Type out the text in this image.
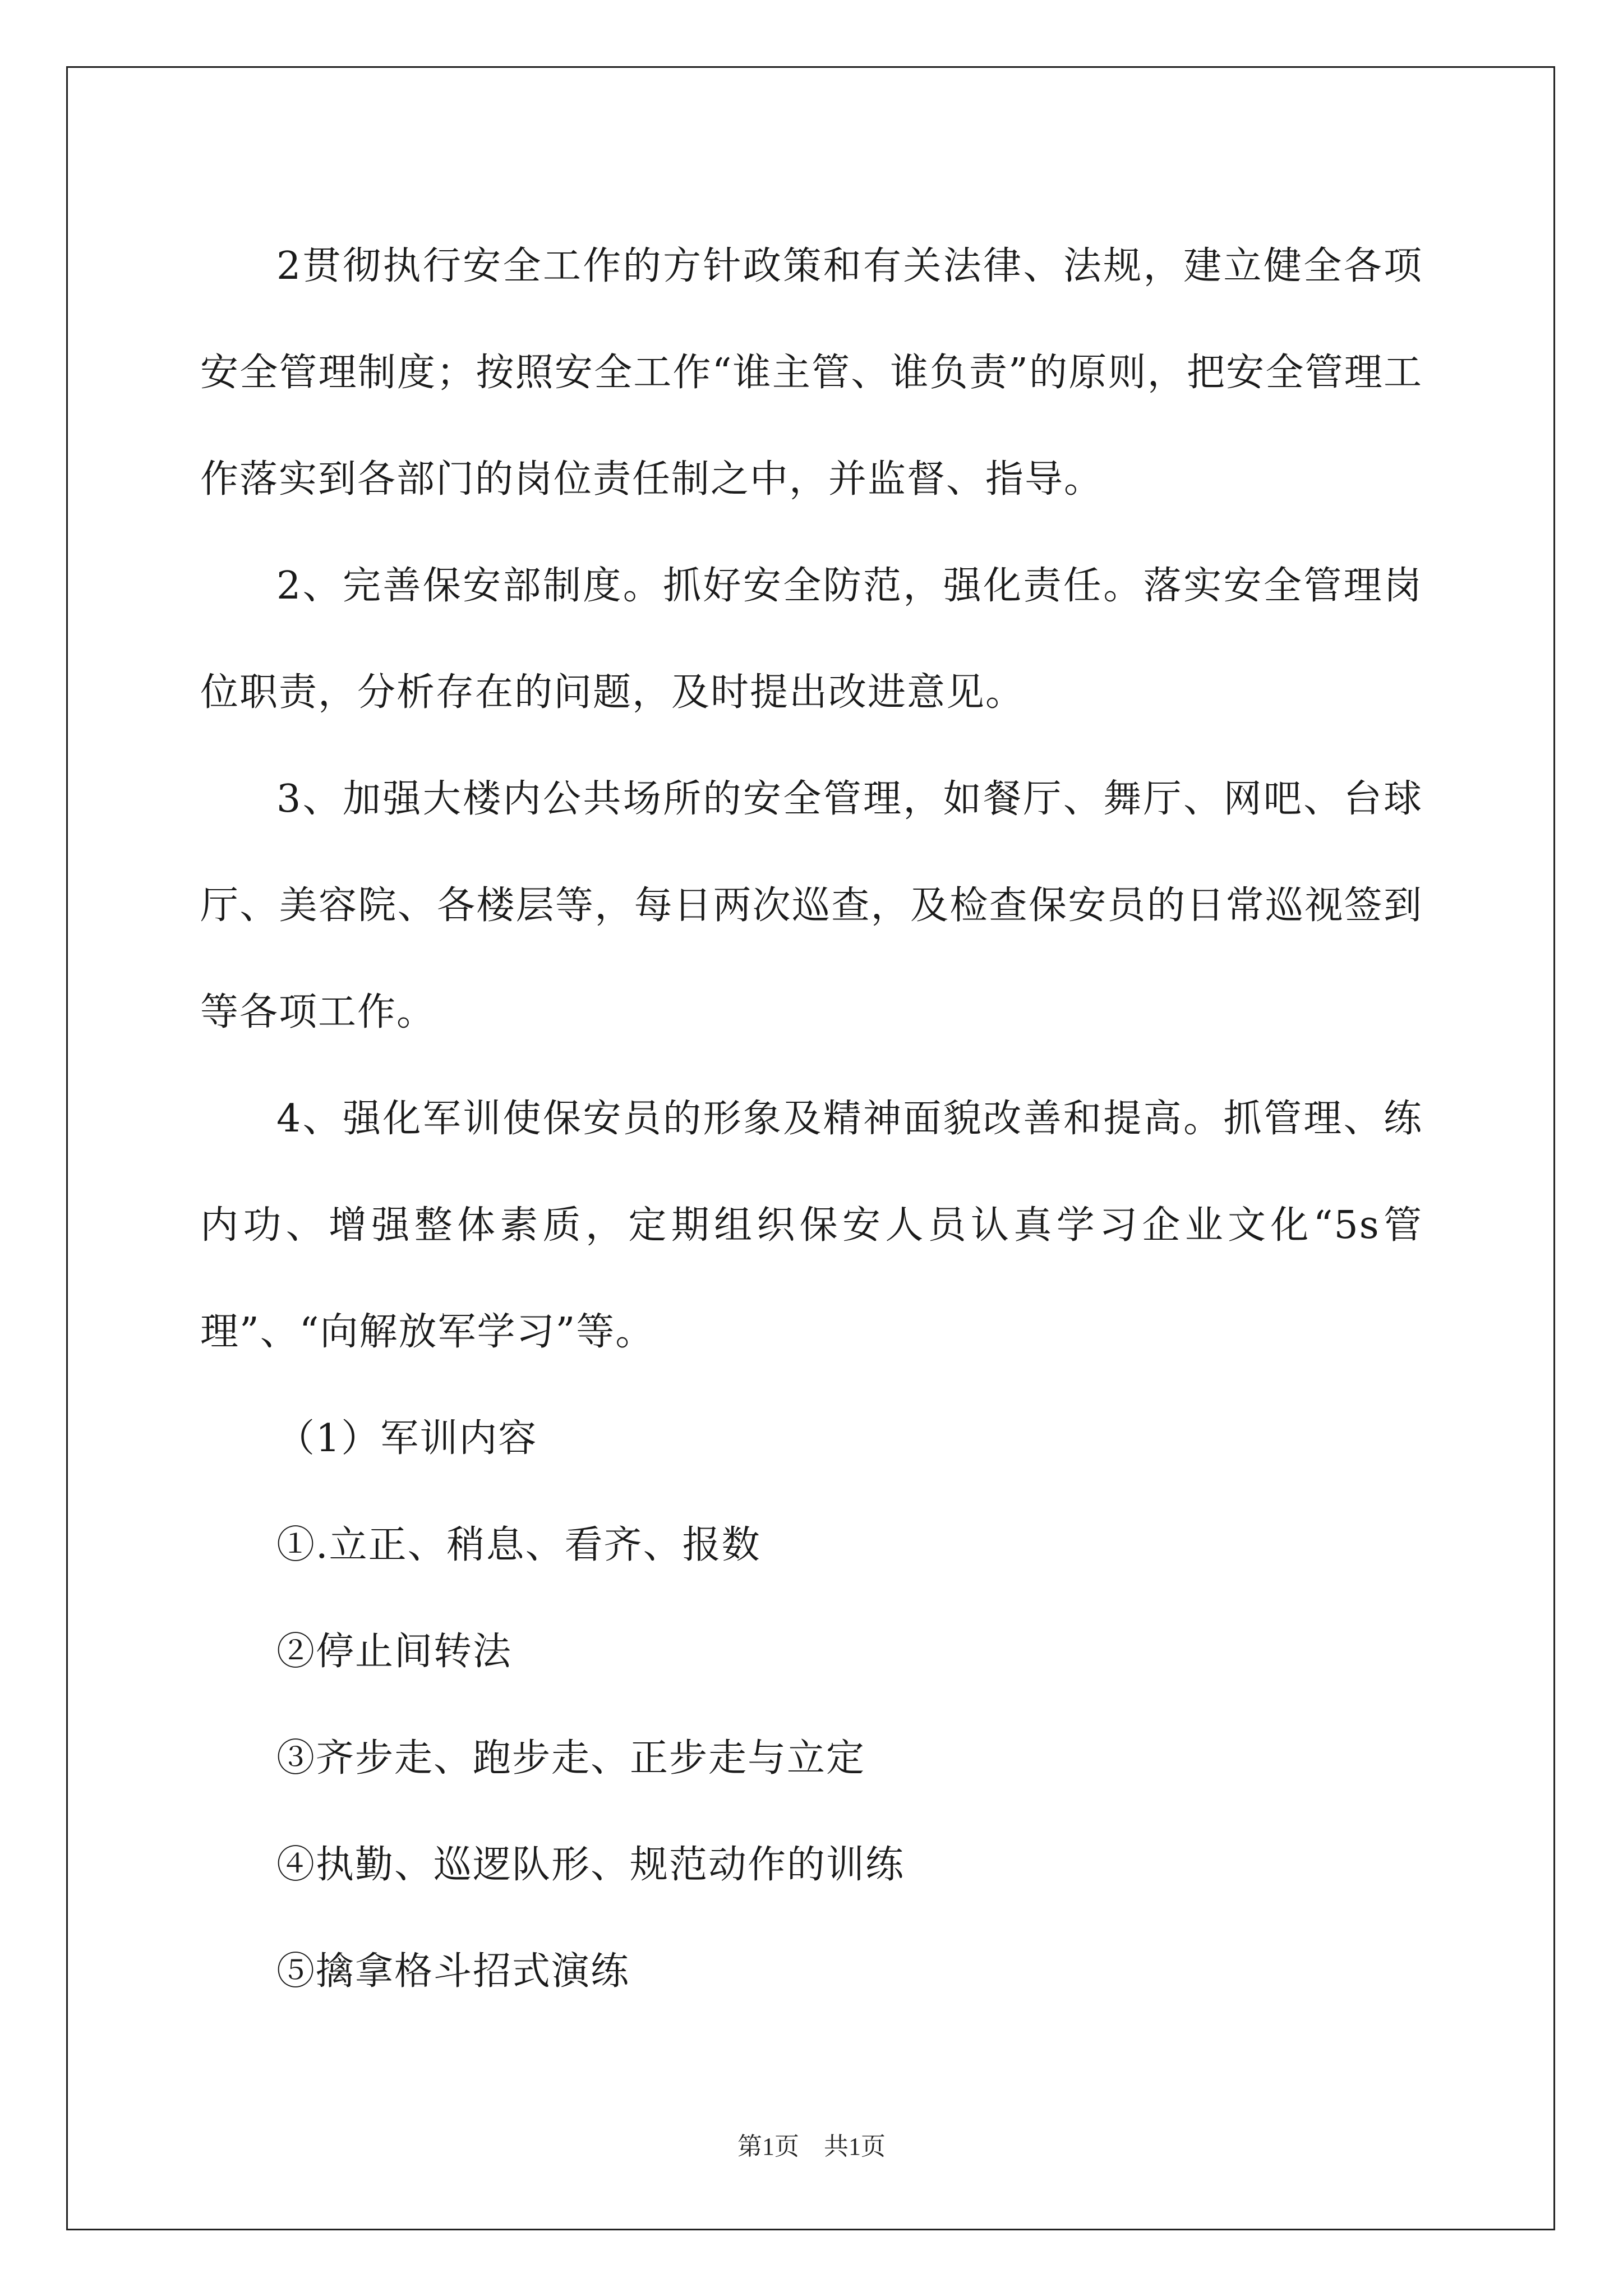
2贯彻执行安全工作的方针政策和有关法律、法规，建立健全各项安全管理制度；按照安全工作“谁主管、谁负责”的原则，把安全管理工作落实到各部门的岗位责任制之中，并监督、指导。

2、完善保安部制度。抓好安全防范，强化责任。落实安全管理岗位职责，分析存在的问题，及时提出改进意见。

3、加强大楼内公共场所的安全管理，如餐厅、舞厅、网吧、台球厅、美容院、各楼层等，每日两次巡查，及检查保安员的日常巡视签到等各项工作。

4、强化军训使保安员的形象及精神面貌改善和提高。抓管理、练内功、增强整体素质，定期组织保安人员认真学习企业文化“5s管理”、“向解放军学习”等。

（1）军训内容

①.立正、稍息、看齐、报数

②停止间转法

③齐步走、跑步走、正步走与立定

④执勤、巡逻队形、规范动作的训练

⑤擒拿格斗招式演练

第1页　共1页
